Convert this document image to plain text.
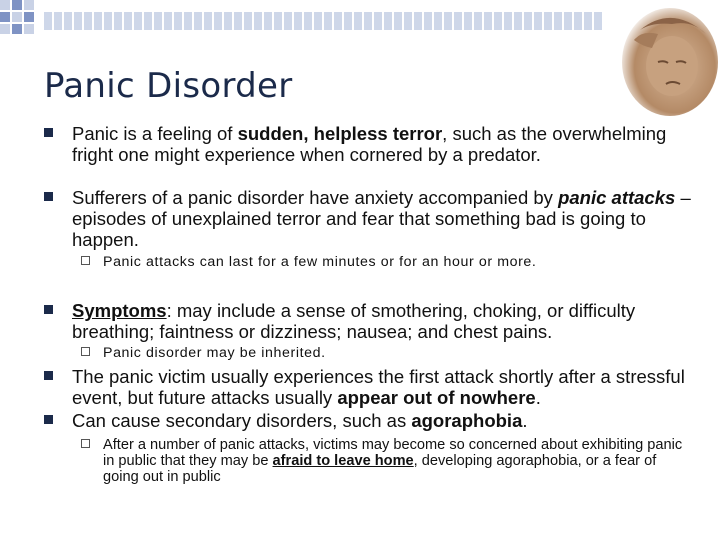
Panic Disorder
Panic is a feeling of sudden, helpless terror, such as the overwhelming fright one might experience when cornered by a predator.
Sufferers of a panic disorder have anxiety accompanied by panic attacks – episodes of unexplained terror and fear that something bad is going to happen.
Panic attacks can last for a few minutes or for an hour or more.
Symptoms: may include a sense of smothering, choking, or difficulty breathing; faintness or dizziness; nausea; and chest pains.
Panic disorder may be inherited.
The panic victim usually experiences the first attack shortly after a stressful event, but future attacks usually appear out of nowhere.
Can cause secondary disorders, such as agoraphobia.
After a number of panic attacks, victims may become so concerned about exhibiting panic in public that they may be afraid to leave home, developing agoraphobia, or a fear of going out in public
